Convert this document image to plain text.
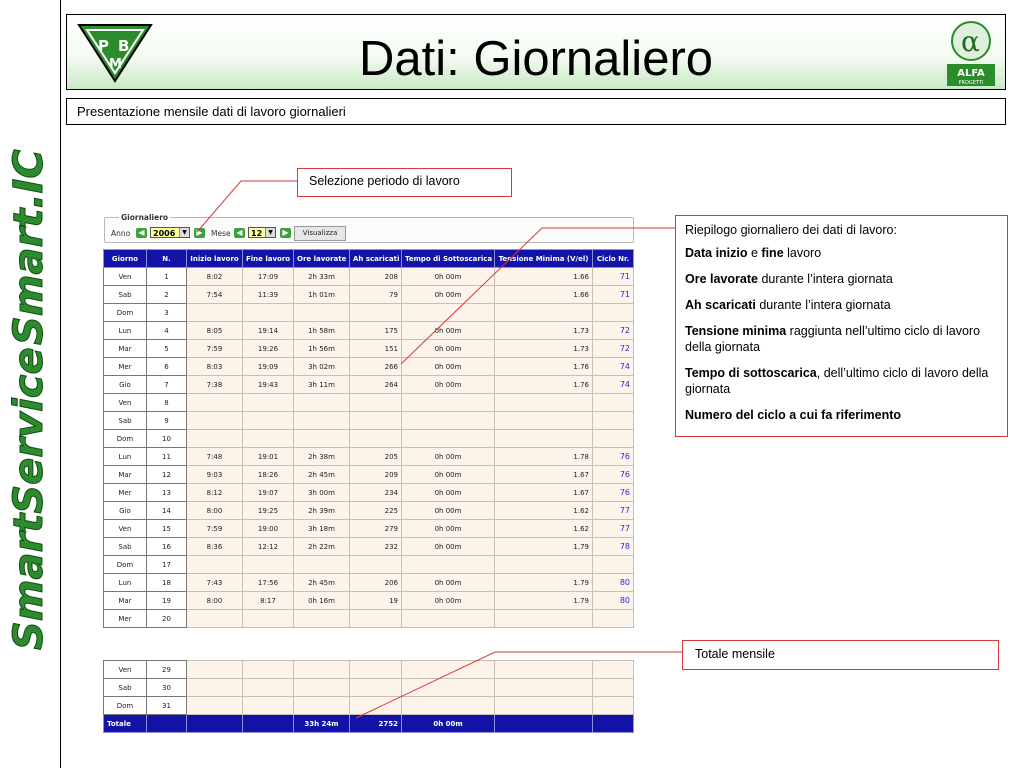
SmartService
Smart.IC II
P B
M	Dati: Giornaliero	α
ALFA
PROGETTI
Presentazione mensile dati di lavoro giornalieri
Giornaliero
Anno	◀	2006	▼	▶	Mese ◀	12	▼	▶	Visualizza
Giorno	N.	Inizio lavoro	Fine lavoro	Ore lavorate	Ah scaricati	Tempo di Sottoscarica	Tensione Minima (V/el)	Ciclo Nr.
Ven	1	8:02	17:09	2h 33m	208	0h 00m	1.66	71
Sab	2	7:54	11:39	1h 01m	79	0h 00m	1.66	71
Dom	3							
Lun	4	8:05	19:14	1h 58m	175	0h 00m	1.73	72
Mar	5	7:59	19:26	1h 56m	151	0h 00m	1.73	72
Mer	6	8:03	19:09	3h 02m	266	0h 00m	1.76	74
Gio	7	7:38	19:43	3h 11m	264	0h 00m	1.76	74
Ven	8							
Sab	9							
Dom	10							
Lun	11	7:48	19:01	2h 38m	205	0h 00m	1.78	76
Mar	12	9:03	18:26	2h 45m	209	0h 00m	1.67	76
Mer	13	8:12	19:07	3h 00m	234	0h 00m	1.67	76
Gio	14	8:00	19:25	2h 39m	225	0h 00m	1.62	77
Ven	15	7:59	19:00	3h 18m	279	0h 00m	1.62	77
Sab	16	8:36	12:12	2h 22m	232	0h 00m	1.79	78
Dom	17							
Lun	18	7:43	17:56	2h 45m	206	0h 00m	1.79	80
Mar	19	8:00	8:17	0h 16m	19	0h 00m	1.79	80
Mer	20							
Ven	29							
Sab	30							
Dom	31							
Totale				33h 24m	2752	0h 00m		
Selezione periodo di lavoro

Riepilogo giornaliero dei dati di lavoro:

Data inizio e fine lavoro

Ore lavorate durante l’intera giornata

Ah scaricati durante l’intera giornata

Tensione minima raggiunta nell’ultimo ciclo di lavoro della giornata

Tempo di sottoscarica, dell’ultimo ciclo di lavoro della giornata

Numero del ciclo a cui fa riferimento

Totale mensile
